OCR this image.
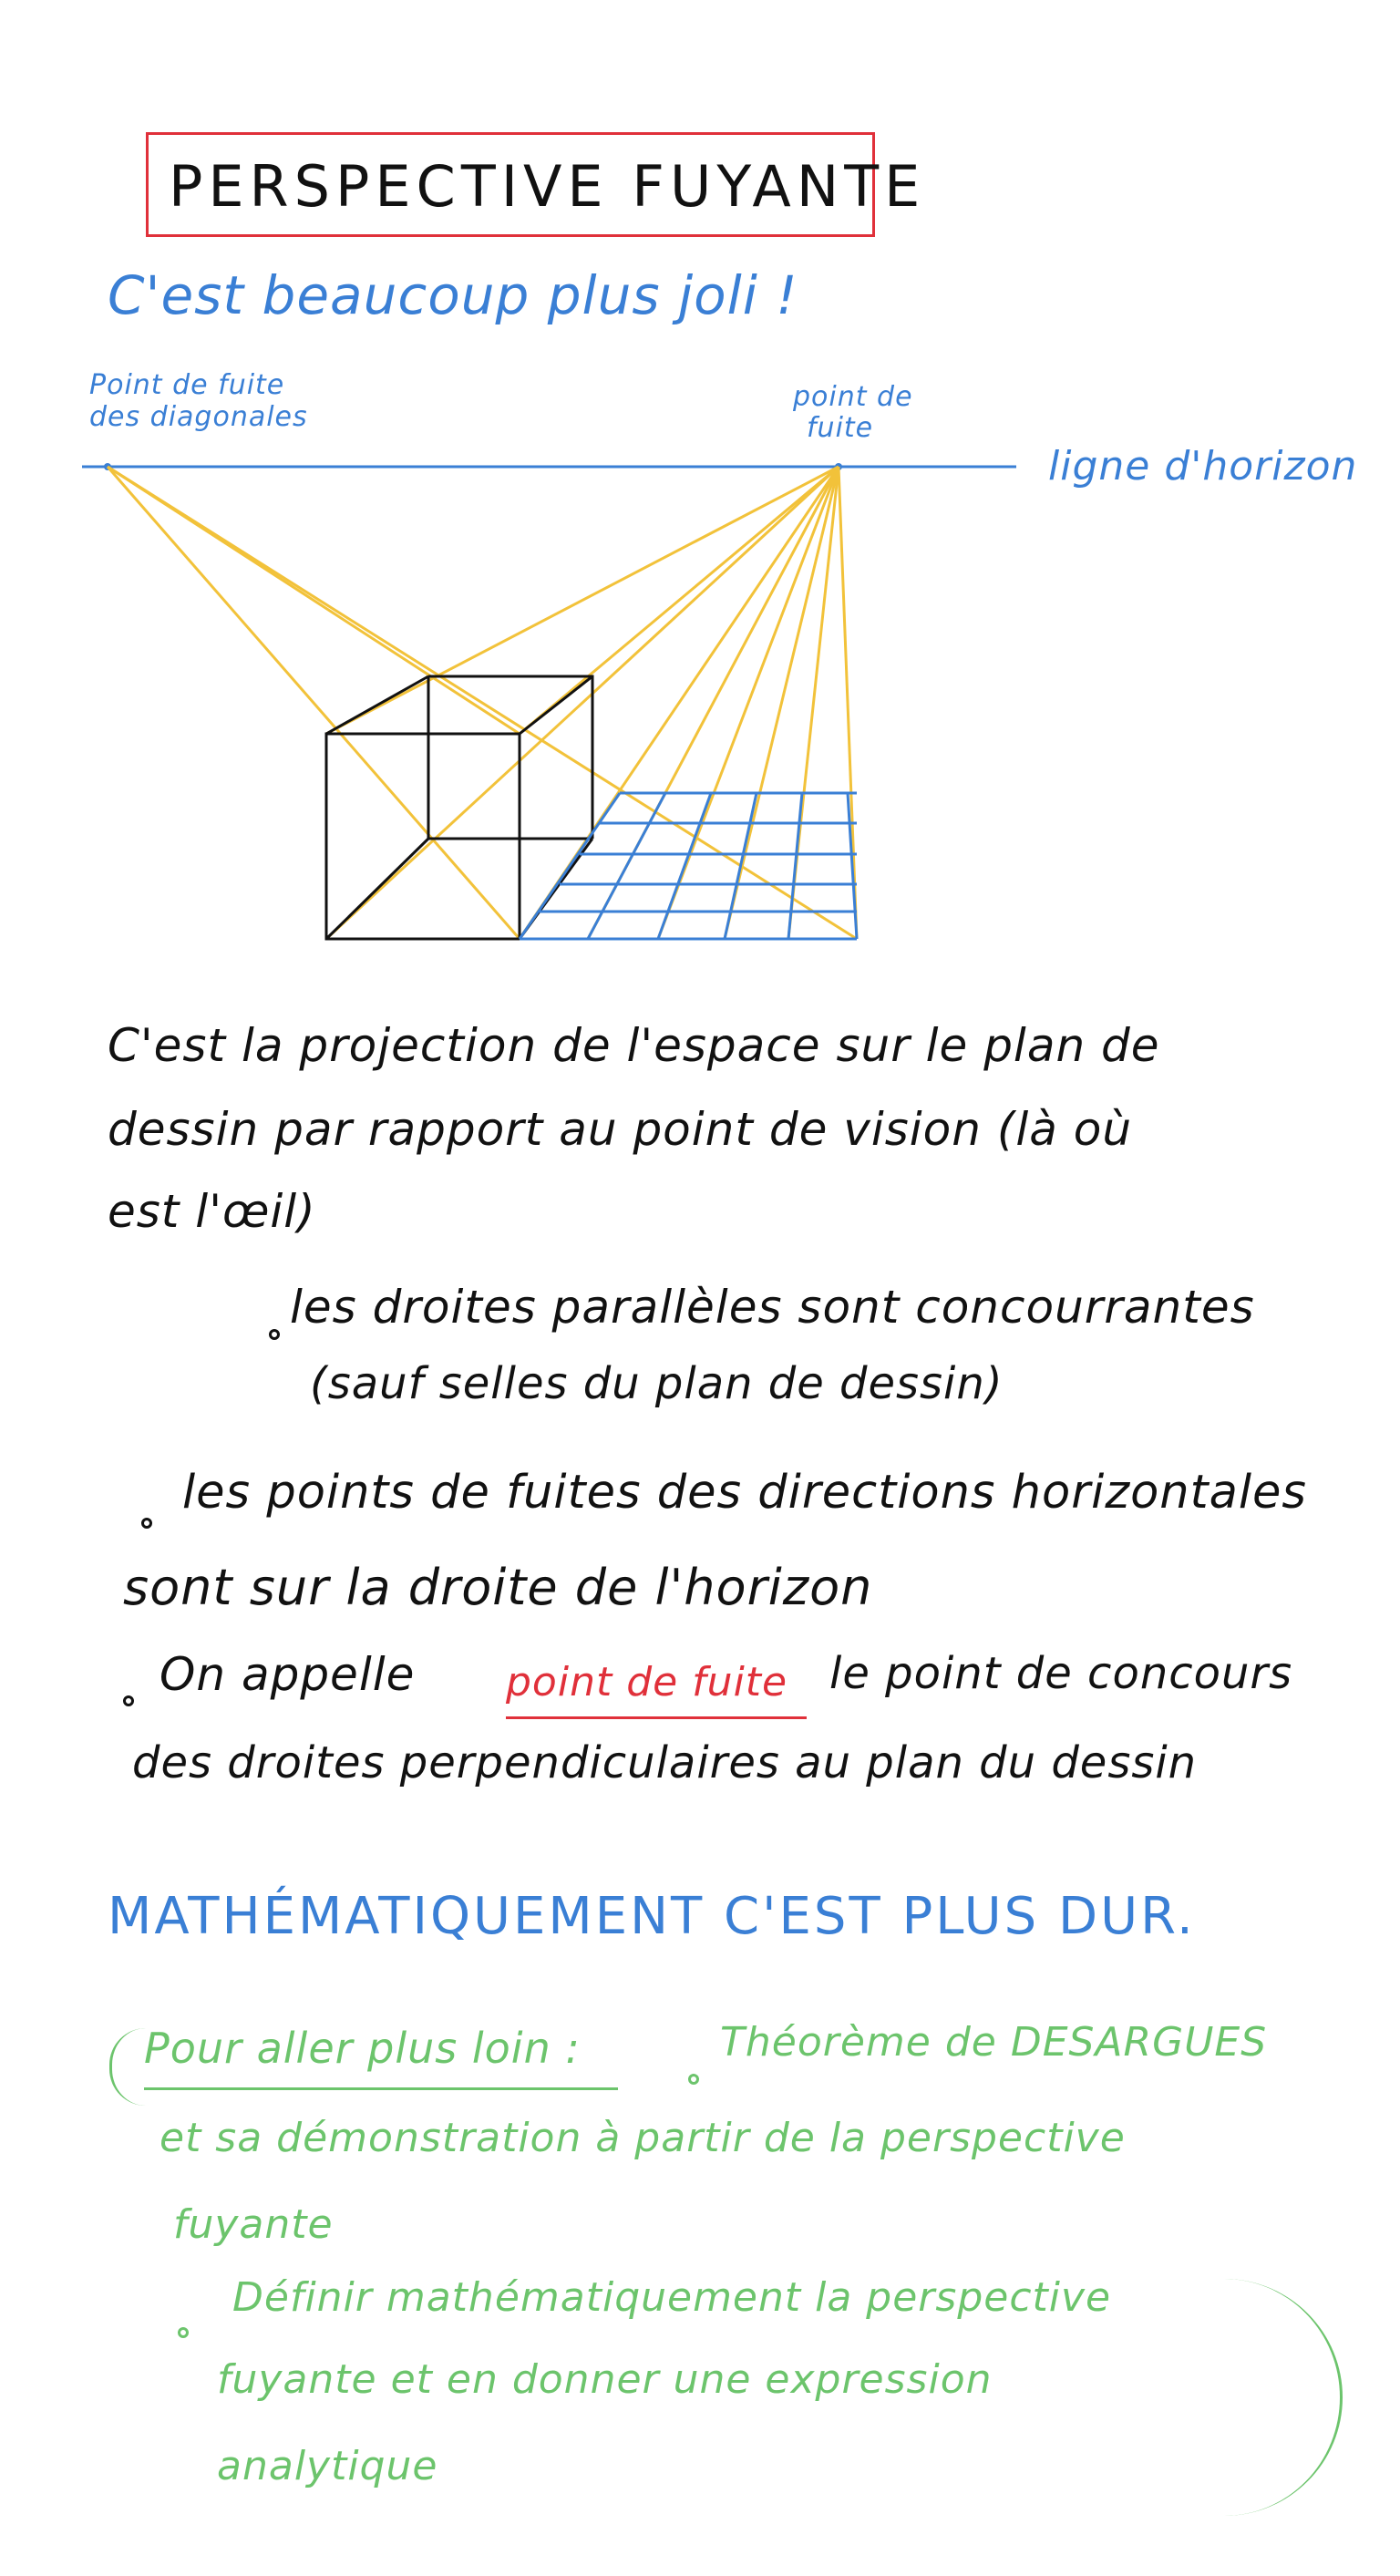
PERSPECTIVE FUYANTE
C'est beaucoup plus joli !
Point de fuite
des diagonales
point de
fuite
ligne d'horizon
C'est la projection de l'espace sur le plan de
dessin par rapport au point de vision (là où
est l'œil)
les droites parallèles sont concourrantes
(sauf selles du plan de dessin)
les points de fuites des directions horizontales
sont sur la droite de l'horizon
On appelle point de fuite le point de concours
des droites perpendiculaires au plan du dessin
MATHÉMATIQUEMENT C'EST PLUS DUR.
Pour aller plus loin :	Théorème de DESARGUES
et sa démonstration à partir de la perspective
fuyante
Définir mathématiquement la perspective
fuyante et en donner une expression
analytique
